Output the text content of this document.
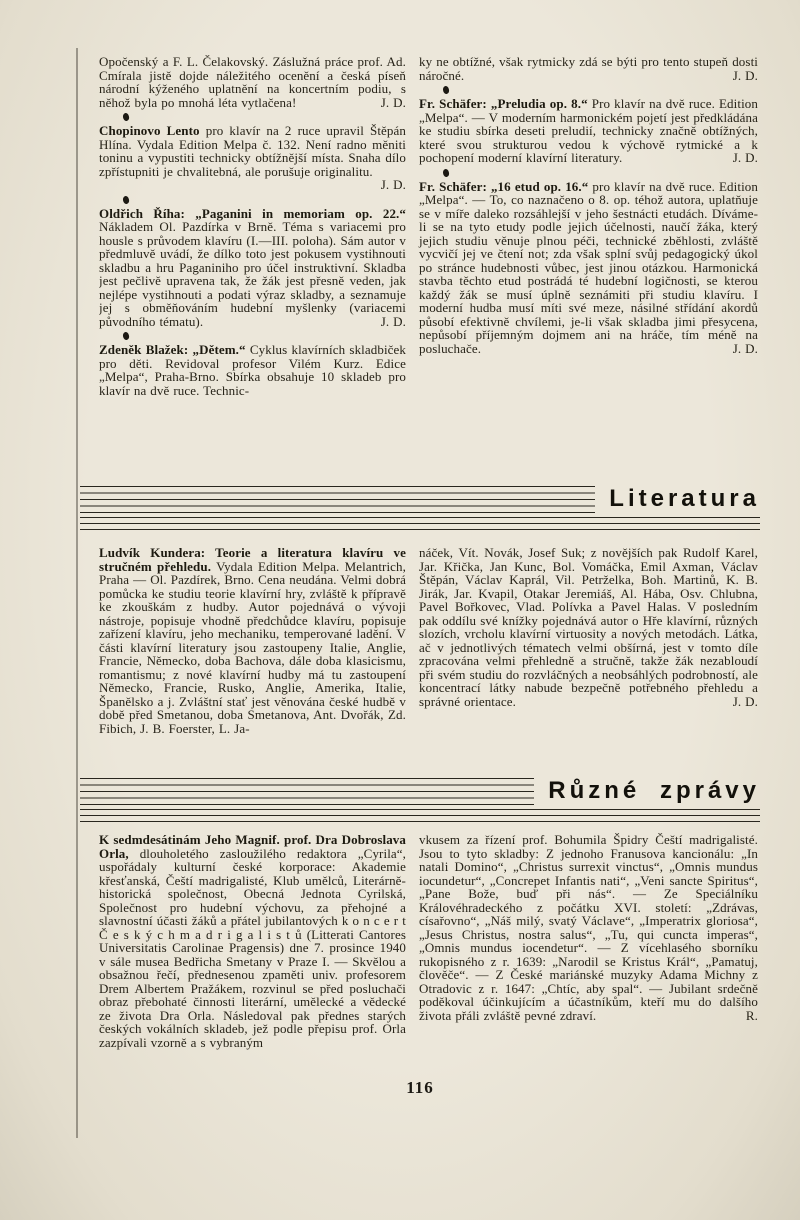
Opočenský a F. L. Čelakovský. Záslužná práce prof. Ad. Cmírala jistě dojde náležitého ocenění a česká píseň národní kýženého uplatnění na koncertním podiu, s něhož byla po mnohá léta vytlačena!	J. D.

Chopinovo Lento pro klavír na 2 ruce upravil Štěpán Hlína. Vydala Edition Melpa č. 132. Není radno měniti toninu a vypustiti technicky obtížnější místa. Snaha dílo zpřístupniti je chvalitebná, ale porušuje originalitu.
J. D.

Oldřich Říha: „Paganini in memoriam op. 22.“ Nákladem Ol. Pazdírka v Brně. Téma s variacemi pro housle s průvodem klavíru (I.—III. poloha). Sám autor v předmluvě uvádí, že dílko toto jest pokusem vystihnouti skladbu a hru Paganiniho pro účel instruktivní. Skladba jest pečlivě upravena tak, že žák jest přesně veden, jak nejlépe vystihnouti a podati výraz skladby, a seznamuje jej s obměňováním hudební myšlenky (variacemi původního tématu).	J. D.

Zdeněk Blažek: „Dětem.“ Cyklus klavírních skladbiček pro děti. Revidoval profesor Vilém Kurz. Edice „Melpa“, Praha-Brno. Sbírka obsahuje 10 skladeb pro klavír na dvě ruce. Technic-

ky ne obtížné, však rytmicky zdá se býti pro tento stupeň dosti náročné.	J. D.

Fr. Schäfer: „Preludia op. 8.“ Pro klavír na dvě ruce. Edition „Melpa“. — V moderním harmonickém pojetí jest předkládána ke studiu sbírka deseti preludií, technicky značně obtížných, které svou strukturou vedou k výchově rytmické a k pochopení moderní klavírní literatury.	J. D.

Fr. Schäfer: „16 etud op. 16.“ pro klavír na dvě ruce. Edition „Melpa“. — To, co naznačeno o 8. op. téhož autora, uplatňuje se v míře daleko rozsáhlejší v jeho šestnácti etudách. Díváme-li se na tyto etudy podle jejich účelnosti, naučí žáka, který jejich studiu věnuje plnou péči, technické zběhlosti, zvláště vycvičí jej ve čtení not; zda však splní svůj pedagogický úkol po stránce hudebnosti vůbec, jest jinou otázkou. Harmonická stavba těchto etud postrádá té hudební logičnosti, se kterou každý žák se musí úplně seznámiti při studiu klavíru. I moderní hudba musí míti své meze, násilné střídání akordů působí efektivně chvílemi, je-li však skladba jimi přesycena, nepůsobí příjemným dojmem ani na hráče, tím méně na posluchače.	J. D.

Literatura

Ludvík Kundera: Teorie a literatura klavíru ve stručném přehledu. Vydala Edition Melpa. Melantrich, Praha — Ol. Pazdírek, Brno. Cena neudána. Velmi dobrá pomůcka ke studiu teorie klavírní hry, zvláště k přípravě ke zkouškám z hudby. Autor pojednává o vývoji nástroje, popisuje vhodně předchůdce klavíru, popisuje zařízení klavíru, jeho mechaniku, temperované ladění. V části klavírní literatury jsou zastoupeny Italie, Anglie, Francie, Německo, doba Bachova, dále doba klasicismu, romantismu; z nové klavírní hudby má tu zastoupení Německo, Francie, Rusko, Anglie, Amerika, Italie, Španělsko a j. Zvláštní stať jest věnována české hudbě v době před Smetanou, doba Smetanova, Ant. Dvořák, Zd. Fibich, J. B. Foerster, L. Ja-

náček, Vít. Novák, Josef Suk; z novějších pak Rudolf Karel, Jar. Křička, Jan Kunc, Bol. Vomáčka, Emil Axman, Václav Štěpán, Václav Kaprál, Vil. Petrželka, Boh. Martinů, K. B. Jirák, Jar. Kvapil, Otakar Jeremiáš, Al. Hába, Osv. Chlubna, Pavel Bořkovec, Vlad. Polívka a Pavel Halas. V posledním pak oddílu své knížky pojednává autor o Hře klavírní, různých slozích, vrcholu klavírní virtuosity a nových metodách. Látka, ač v jednotlivých tématech velmi obšírná, jest v tomto díle zpracována velmi přehledně a stručně, takže žák nezabloudí při svém studiu do rozvláčných a neobsáhlých podrobností, ale koncentrací látky nabude bezpečně potřebného přehledu a správné orientace.	J. D.

Různé zprávy

K sedmdesátinám Jeho Magnif. prof. Dra Dobroslava Orla, dlouholetého zasloužilého redaktora „Cyrila“, uspořádaly kulturní české korporace: Akademie křesťanská, Čeští madrigalisté, Klub umělců, Literárně-historická společnost, Obecná Jednota Cyrilská, Společnost pro hudební výchovu, za přehojné a slavnostní účasti žáků a přátel jubilantových k o n c e r t Č e s k ý c h m a d r i g a l i s t ů (Litterati Cantores Universitatis Carolinae Pragensis) dne 7. prosince 1940 v sále musea Bedřicha Smetany v Praze I. — Skvělou a obsažnou řečí, přednesenou zpaměti univ. profesorem Drem Albertem Pražákem, rozvinul se před posluchači obraz přebohaté činnosti literární, umělecké a vědecké ze života Dra Orla. Následoval pak přednes starých českých vokálních skladeb, jež podle přepisu prof. Orla zazpívali vzorně a s vybraným

vkusem za řízení prof. Bohumila Špidry Čeští madrigalisté. Jsou to tyto skladby: Z jednoho Franusova kancionálu: „In natali Domino“, „Christus surrexit vinctus“, „Omnis mundus iocundetur“, „Concrepet Infantis nati“, „Veni sancte Spiritus“, „Pane Bože, buď při nás“. — Ze Speciálníku Královéhradeckého z počátku XVI. století: „Zdrávas, císařovno“, „Náš milý, svatý Václave“, „Imperatrix gloriosa“, „Jesus Christus, nostra salus“, „Tu, qui cuncta imperas“, „Omnis mundus iocendetur“. — Z vícehlasého sborníku rukopisného z r. 1639: „Narodil se Kristus Král“, „Pamatuj, člověče“. — Z České mariánské muzyky Adama Michny z Otradovic z r. 1647: „Chtíc, aby spal“. — Jubilant srdečně poděkoval účinkujícím a účastníkům, kteří mu do dalšího života přáli zvláště pevné zdraví.	R.

116
